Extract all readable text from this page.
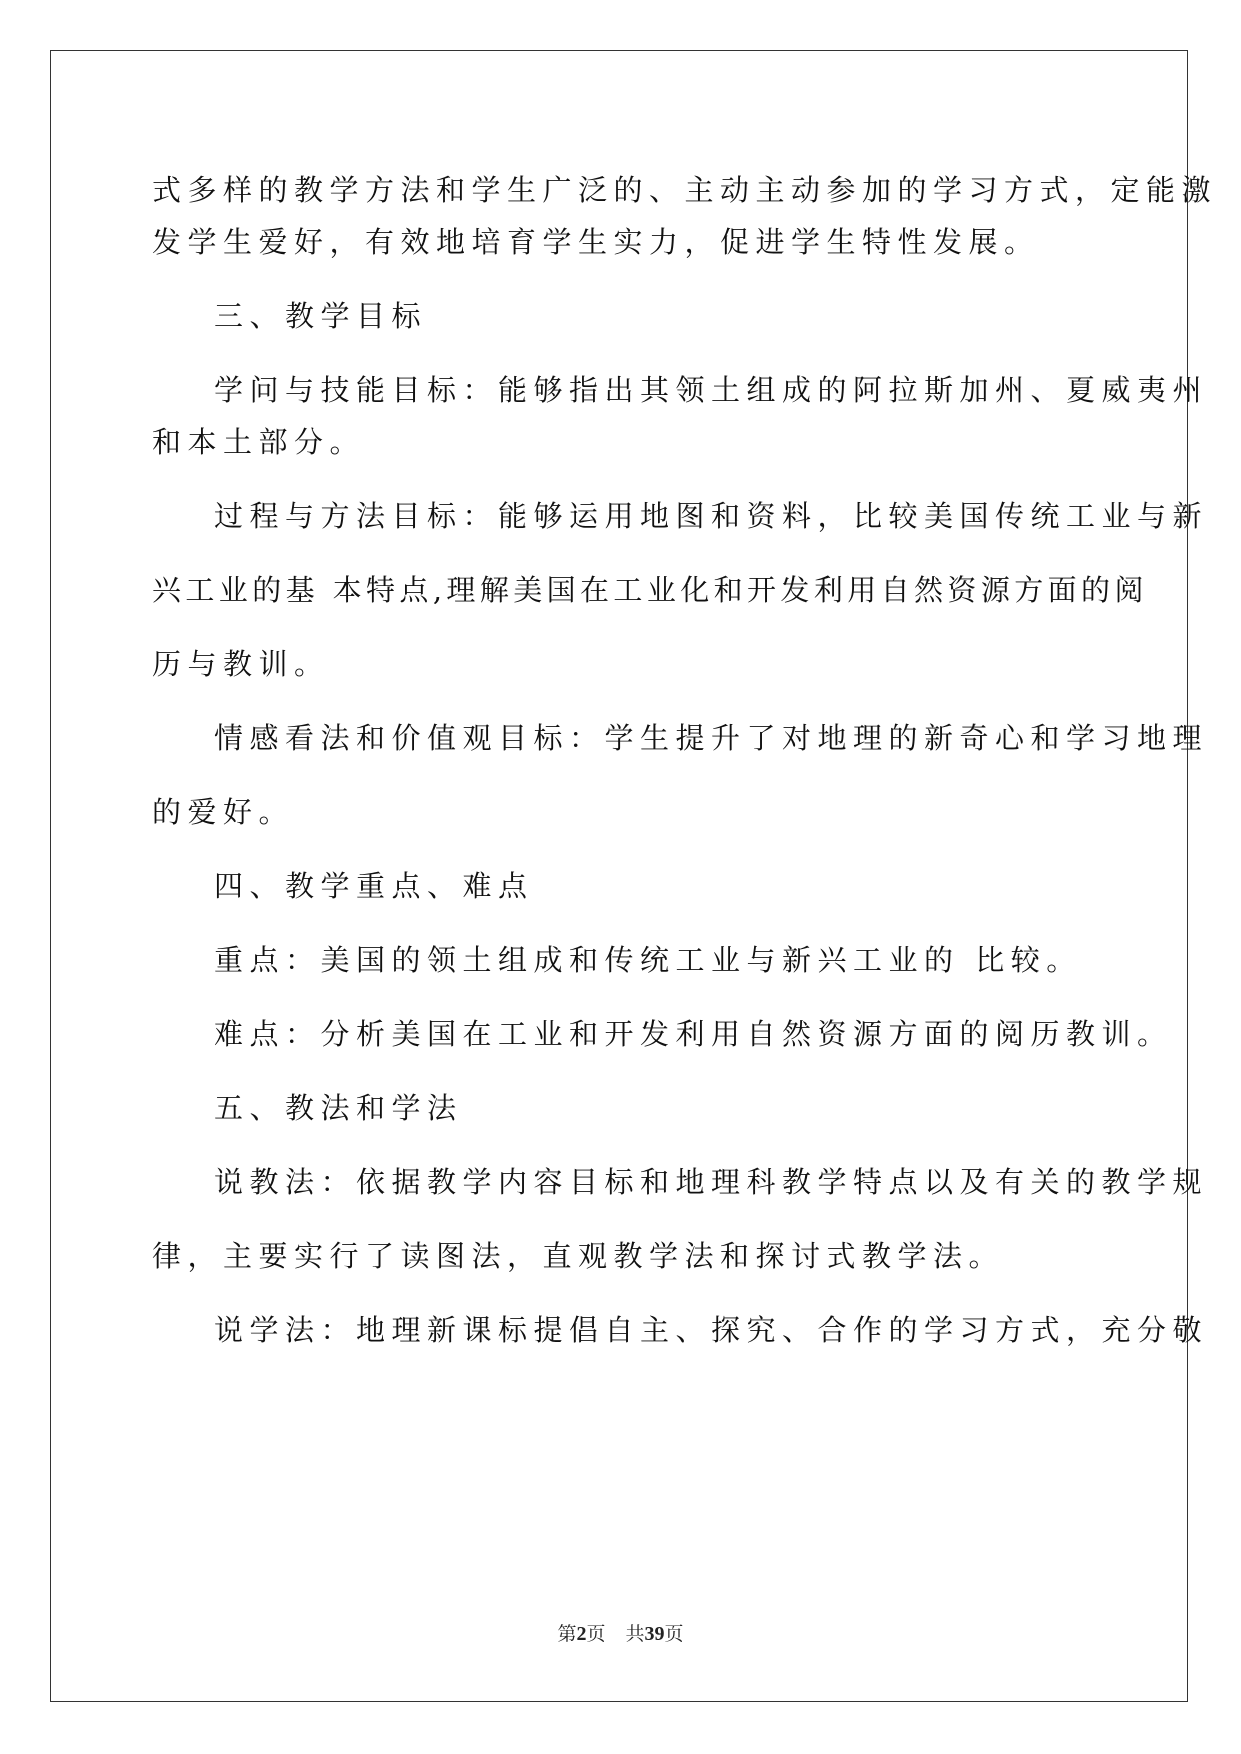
式多样的教学方法和学生广泛的、主动主动参加的学习方式，定能激
发学生爱好，有效地培育学生实力，促进学生特性发展。
三、教学目标
学问与技能目标：能够指出其领土组成的阿拉斯加州、夏威夷州
和本土部分。
过程与方法目标：能够运用地图和资料，比较美国传统工业与新
兴工业的基 本特点,理解美国在工业化和开发利用自然资源方面的阅
历与教训。
情感看法和价值观目标：学生提升了对地理的新奇心和学习地理
的爱好。
四、教学重点、难点
重点：美国的领土组成和传统工业与新兴工业的 比较。
难点：分析美国在工业和开发利用自然资源方面的阅历教训。
五、教法和学法
说教法：依据教学内容目标和地理科教学特点以及有关的教学规
律，主要实行了读图法，直观教学法和探讨式教学法。
说学法：地理新课标提倡自主、探究、合作的学习方式，充分敬
第2页 共39页
